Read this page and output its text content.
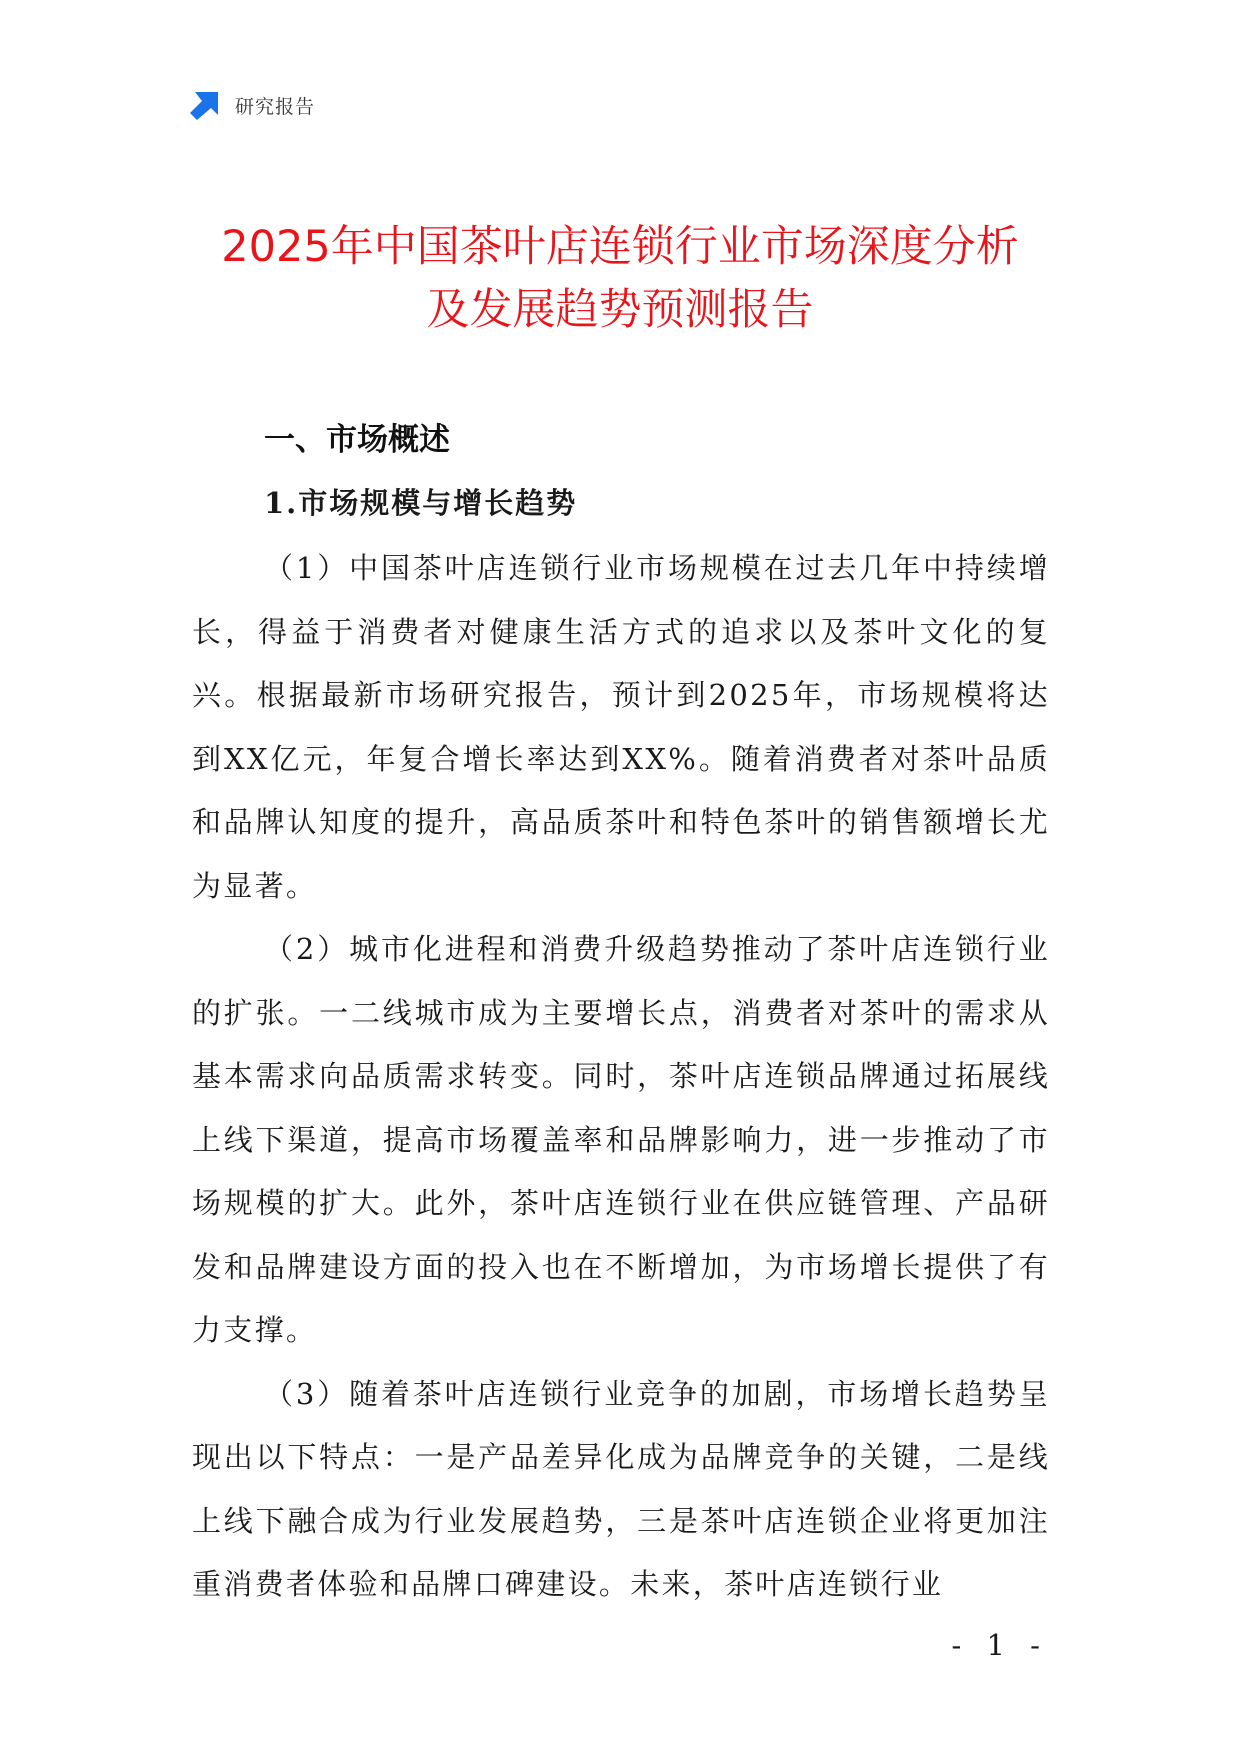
研究报告
2025年中国茶叶店连锁行业市场深度分析
及发展趋势预测报告
一、市场概述
1.市场规模与增长趋势

（1）中国茶叶店连锁行业市场规模在过去几年中持续增长，得益于消费者对健康生活方式的追求以及茶叶文化的复兴。根据最新市场研究报告，预计到2025年，市场规模将达到XX亿元，年复合增长率达到XX%。随着消费者对茶叶品质和品牌认知度的提升，高品质茶叶和特色茶叶的销售额增长尤为显著。

（2）城市化进程和消费升级趋势推动了茶叶店连锁行业的扩张。一二线城市成为主要增长点，消费者对茶叶的需求从基本需求向品质需求转变。同时，茶叶店连锁品牌通过拓展线上线下渠道，提高市场覆盖率和品牌影响力，进一步推动了市场规模的扩大。此外，茶叶店连锁行业在供应链管理、产品研发和品牌建设方面的投入也在不断增加，为市场增长提供了有力支撑。

（3）随着茶叶店连锁行业竞争的加剧，市场增长趋势呈现出以下特点：一是产品差异化成为品牌竞争的关键，二是线上线下融合成为行业发展趋势，三是茶叶店连锁企业将更加注重消费者体验和品牌口碑建设。未来，茶叶店连锁行业

- 1 -
